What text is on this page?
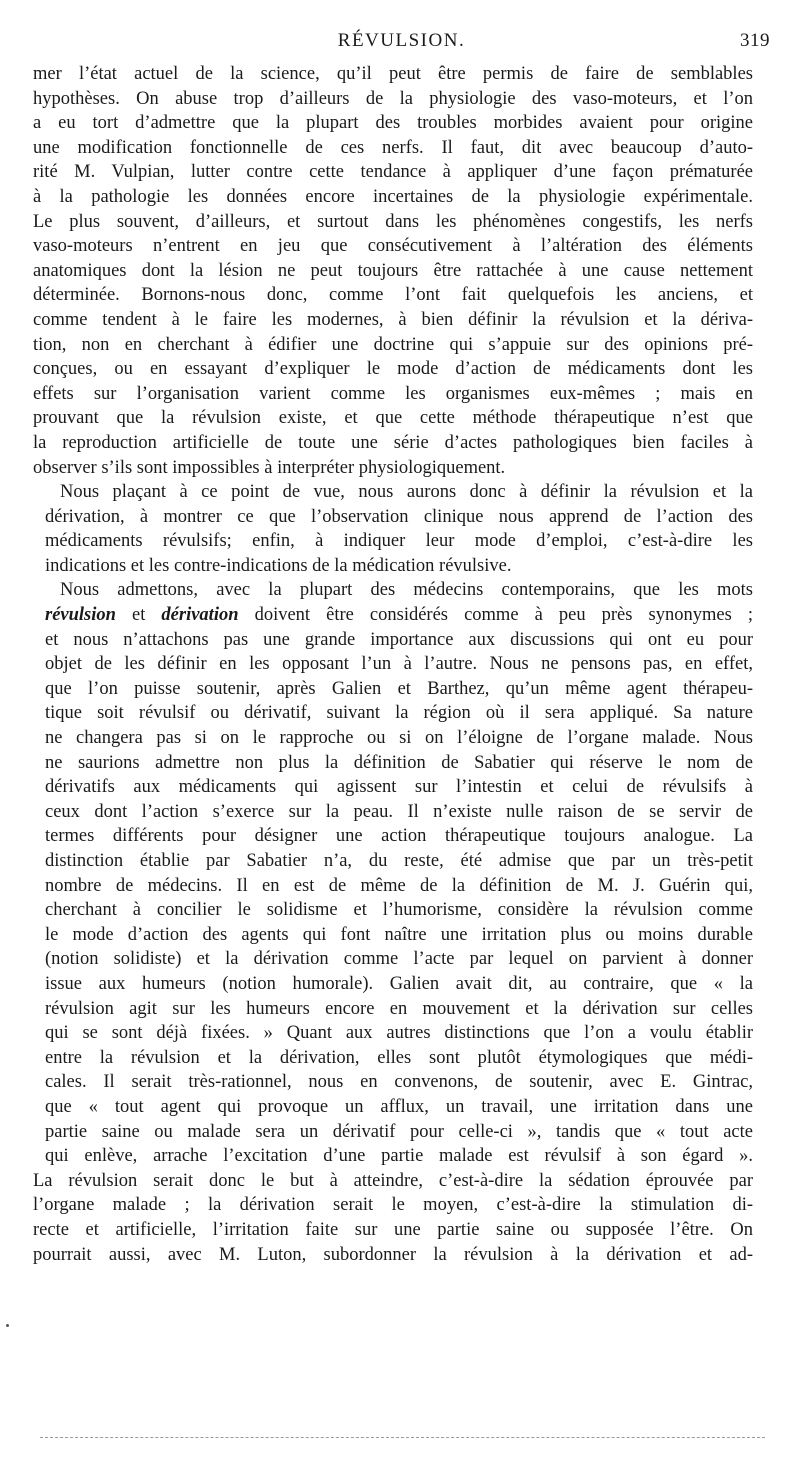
RÉVULSION.	319
mer l’état actuel de la science, qu’il peut être permis de faire de semblables
hypothèses. On abuse trop d’ailleurs de la physiologie des vaso-moteurs, et l’on
a eu tort d’admettre que la plupart des troubles morbides avaient pour origine
une modification fonctionnelle de ces nerfs. Il faut, dit avec beaucoup d’auto-
rité M. Vulpian, lutter contre cette tendance à appliquer d’une façon prématurée
à la pathologie les données encore incertaines de la physiologie expérimentale.
Le plus souvent, d’ailleurs, et surtout dans les phénomènes congestifs, les nerfs
vaso-moteurs n’entrent en jeu que consécutivement à l’altération des éléments
anatomiques dont la lésion ne peut toujours être rattachée à une cause nettement
déterminée. Bornons-nous donc, comme l’ont fait quelquefois les anciens, et
comme tendent à le faire les modernes, à bien définir la révulsion et la dériva-
tion, non en cherchant à édifier une doctrine qui s’appuie sur des opinions pré-
conçues, ou en essayant d’expliquer le mode d’action de médicaments dont les
effets sur l’organisation varient comme les organismes eux-mêmes ; mais en
prouvant que la révulsion existe, et que cette méthode thérapeutique n’est que
la reproduction artificielle de toute une série d’actes pathologiques bien faciles à
observer s’ils sont impossibles à interpréter physiologiquement.
Nous plaçant à ce point de vue, nous aurons donc à définir la révulsion et la
dérivation, à montrer ce que l’observation clinique nous apprend de l’action des
médicaments révulsifs; enfin, à indiquer leur mode d’emploi, c’est-à-dire les
indications et les contre-indications de la médication révulsive.
Nous admettons, avec la plupart des médecins contemporains, que les mots
révulsion et dérivation doivent être considérés comme à peu près synonymes ;
et nous n’attachons pas une grande importance aux discussions qui ont eu pour
objet de les définir en les opposant l’un à l’autre. Nous ne pensons pas, en effet,
que l’on puisse soutenir, après Galien et Barthez, qu’un même agent thérapeu-
tique soit révulsif ou dérivatif, suivant la région où il sera appliqué. Sa nature
ne changera pas si on le rapproche ou si on l’éloigne de l’organe malade. Nous
ne saurions admettre non plus la définition de Sabatier qui réserve le nom de
dérivatifs aux médicaments qui agissent sur l’intestin et celui de révulsifs à
ceux dont l’action s’exerce sur la peau. Il n’existe nulle raison de se servir de
termes différents pour désigner une action thérapeutique toujours analogue. La
distinction établie par Sabatier n’a, du reste, été admise que par un très-petit
nombre de médecins. Il en est de même de la définition de M. J. Guérin qui,
cherchant à concilier le solidisme et l’humorisme, considère la révulsion comme
le mode d’action des agents qui font naître une irritation plus ou moins durable
(notion solidiste) et la dérivation comme l’acte par lequel on parvient à donner
issue aux humeurs (notion humorale). Galien avait dit, au contraire, que « la
révulsion agit sur les humeurs encore en mouvement et la dérivation sur celles
qui se sont déjà fixées. » Quant aux autres distinctions que l’on a voulu établir
entre la révulsion et la dérivation, elles sont plutôt étymologiques que médi-
cales. Il serait très-rationnel, nous en convenons, de soutenir, avec E. Gintrac,
que « tout agent qui provoque un afflux, un travail, une irritation dans une
partie saine ou malade sera un dérivatif pour celle-ci », tandis que « tout acte
qui enlève, arrache l’excitation d’une partie malade est révulsif à son égard ».
La révulsion serait donc le but à atteindre, c’est-à-dire la sédation éprouvée par
l’organe malade ; la dérivation serait le moyen, c’est-à-dire la stimulation di-
recte et artificielle, l’irritation faite sur une partie saine ou supposée l’être. On
pourrait aussi, avec M. Luton, subordonner la révulsion à la dérivation et ad-
